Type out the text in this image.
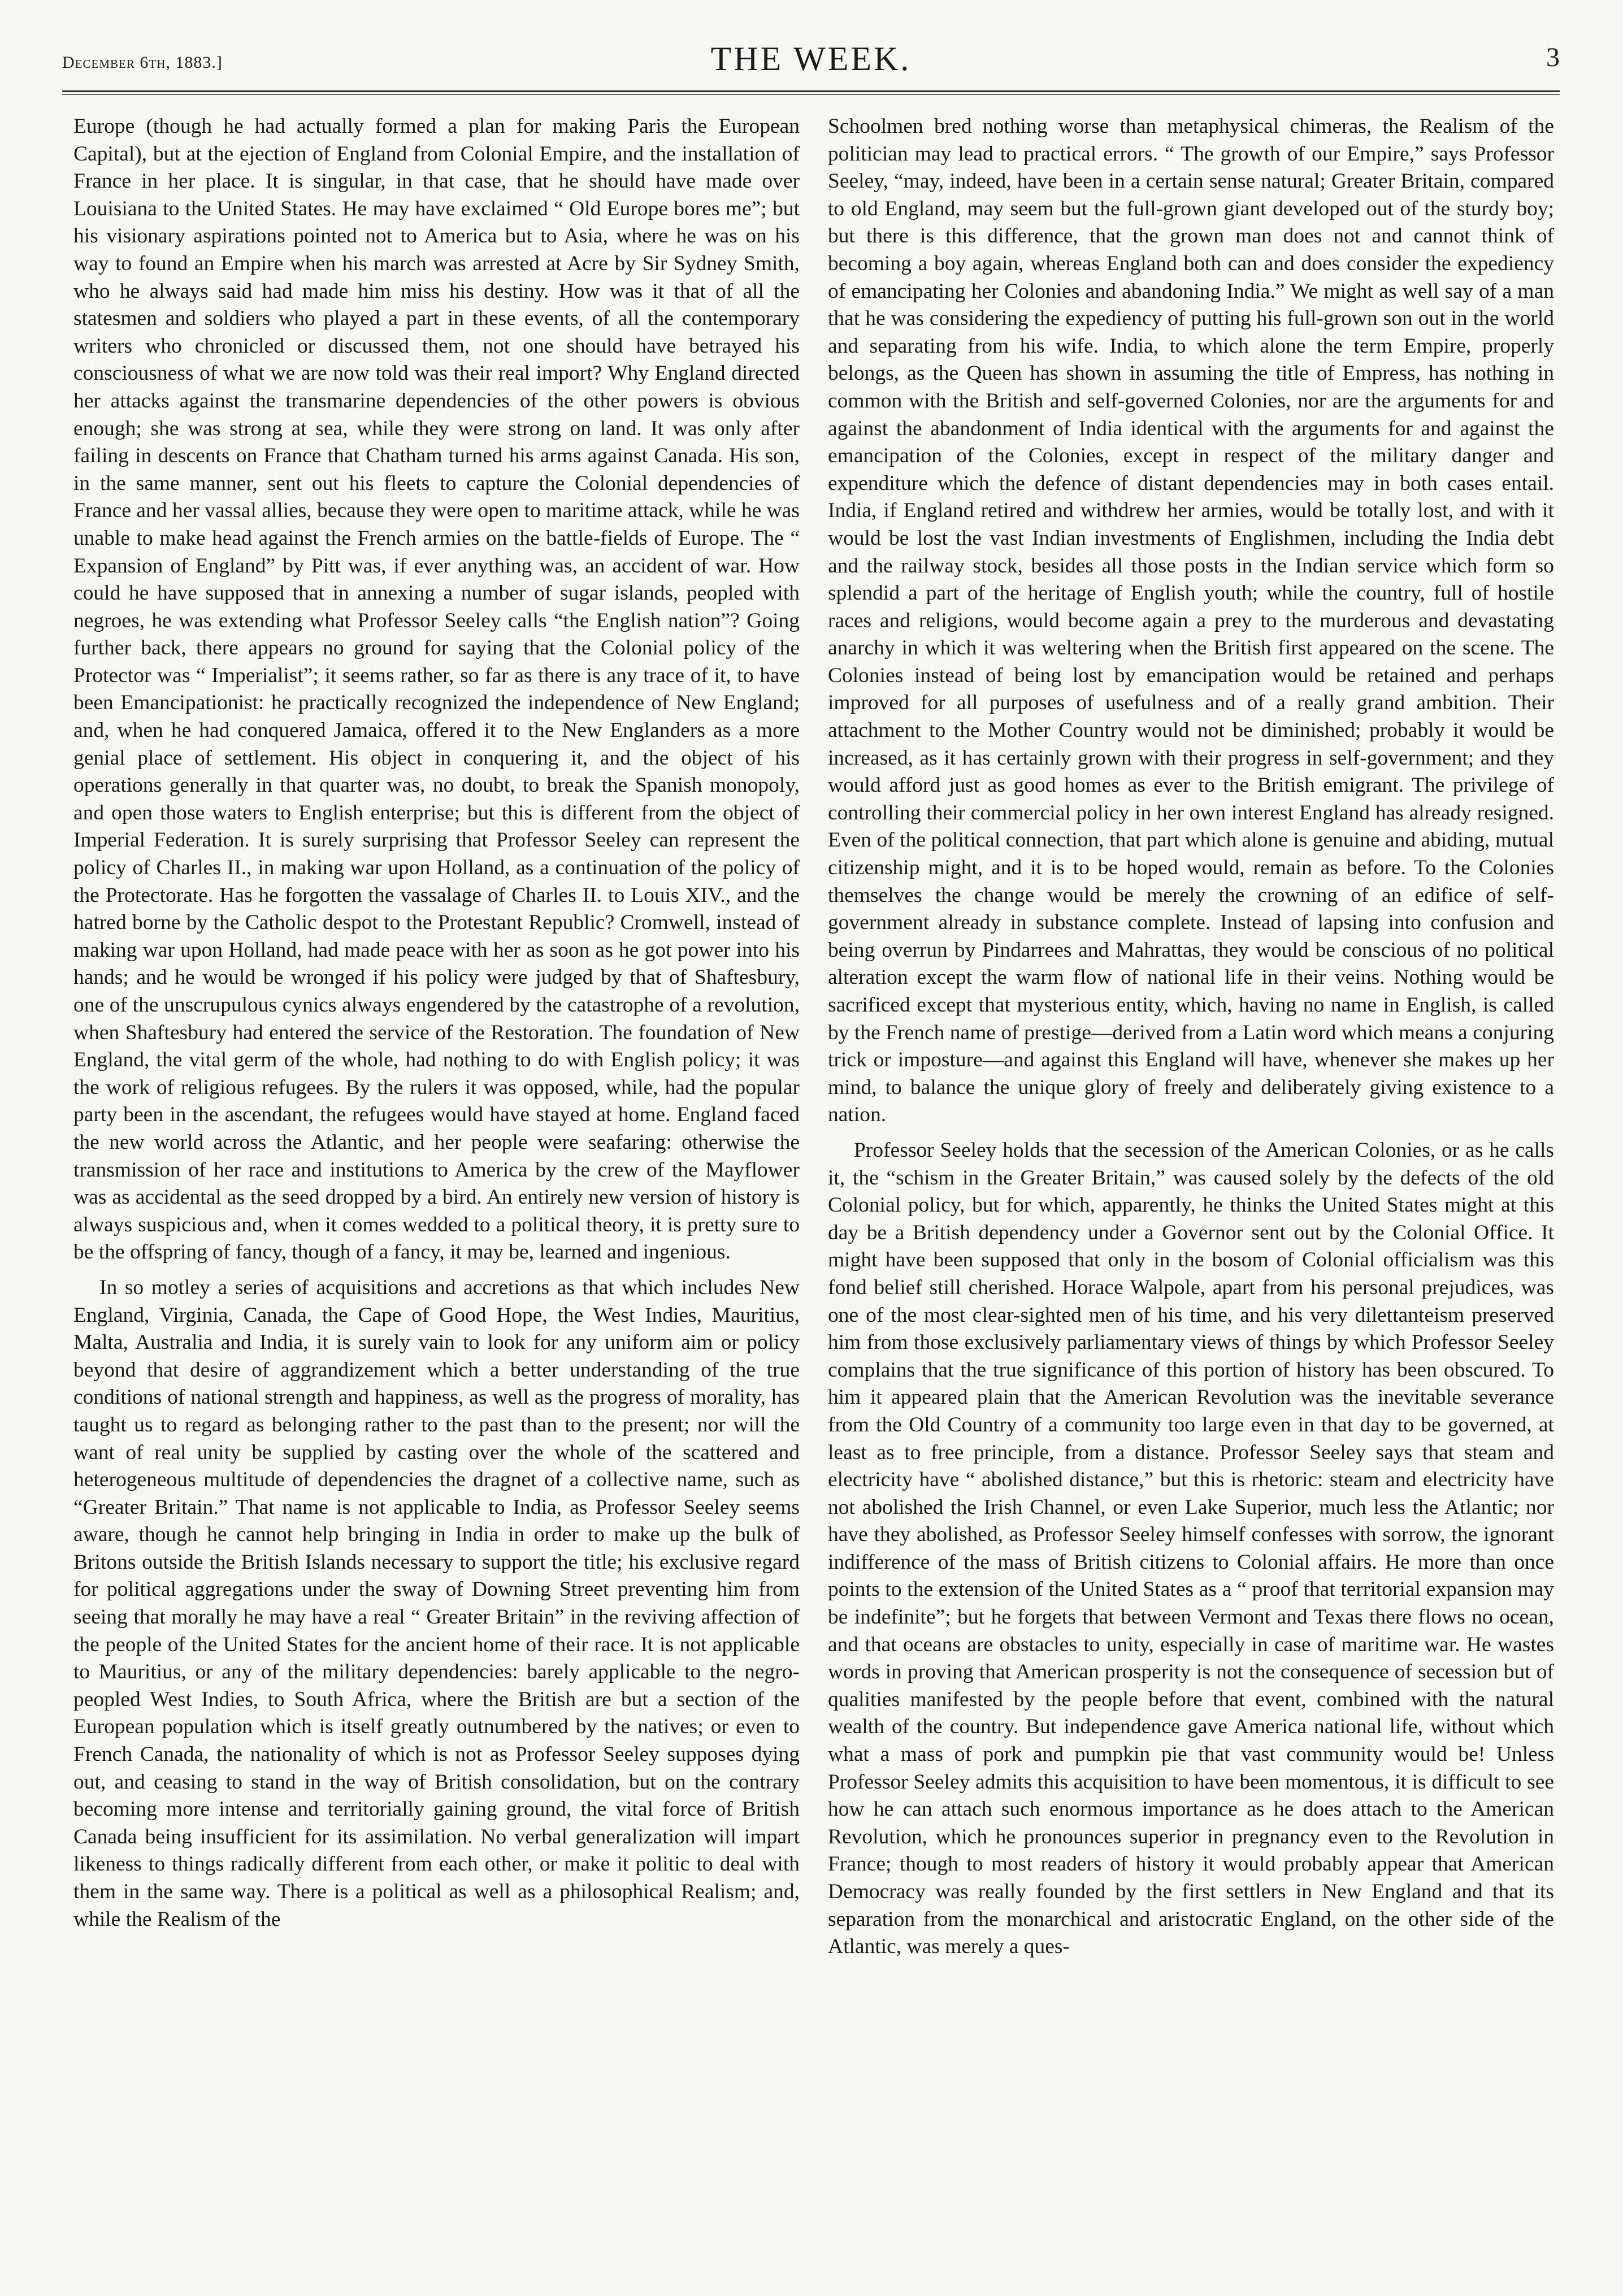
December 6th, 1883.]	THE WEEK.	3

Europe (though he had actually formed a plan for making Paris the European Capital), but at the ejection of England from Colonial Empire, and the installation of France in her place. It is singular, in that case, that he should have made over Louisiana to the United States. He may have exclaimed “ Old Europe bores me”; but his visionary aspirations pointed not to America but to Asia, where he was on his way to found an Empire when his march was arrested at Acre by Sir Sydney Smith, who he always said had made him miss his destiny. How was it that of all the statesmen and soldiers who played a part in these events, of all the contemporary writers who chronicled or discussed them, not one should have betrayed his consciousness of what we are now told was their real import? Why England directed her attacks against the transmarine dependencies of the other powers is obvious enough; she was strong at sea, while they were strong on land. It was only after failing in descents on France that Chatham turned his arms against Canada. His son, in the same manner, sent out his fleets to capture the Colonial dependencies of France and her vassal allies, because they were open to maritime attack, while he was unable to make head against the French armies on the battle-fields of Europe. The “ Expansion of England” by Pitt was, if ever anything was, an accident of war. How could he have supposed that in annexing a number of sugar islands, peopled with negroes, he was extending what Professor Seeley calls “the English nation”? Going further back, there appears no ground for saying that the Colonial policy of the Protector was “ Imperialist”; it seems rather, so far as there is any trace of it, to have been Emancipationist: he practically recognized the independence of New England; and, when he had conquered Jamaica, offered it to the New Englanders as a more genial place of settlement. His object in conquering it, and the object of his operations generally in that quarter was, no doubt, to break the Spanish monopoly, and open those waters to English enterprise; but this is different from the object of Imperial Federation. It is surely surprising that Professor Seeley can represent the policy of Charles II., in making war upon Holland, as a continuation of the policy of the Protectorate. Has he forgotten the vassalage of Charles II. to Louis XIV., and the hatred borne by the Catholic despot to the Protestant Republic? Cromwell, instead of making war upon Holland, had made peace with her as soon as he got power into his hands; and he would be wronged if his policy were judged by that of Shaftesbury, one of the unscrupulous cynics always engendered by the catastrophe of a revolution, when Shaftesbury had entered the service of the Restoration. The foundation of New England, the vital germ of the whole, had nothing to do with English policy; it was the work of religious refugees. By the rulers it was opposed, while, had the popular party been in the ascendant, the refugees would have stayed at home. England faced the new world across the Atlantic, and her people were seafaring: otherwise the transmission of her race and institutions to America by the crew of the Mayflower was as accidental as the seed dropped by a bird. An entirely new version of history is always suspicious and, when it comes wedded to a political theory, it is pretty sure to be the offspring of fancy, though of a fancy, it may be, learned and ingenious.

In so motley a series of acquisitions and accretions as that which includes New England, Virginia, Canada, the Cape of Good Hope, the West Indies, Mauritius, Malta, Australia and India, it is surely vain to look for any uniform aim or policy beyond that desire of aggrandizement which a better understanding of the true conditions of national strength and happiness, as well as the progress of morality, has taught us to regard as belonging rather to the past than to the present; nor will the want of real unity be supplied by casting over the whole of the scattered and heterogeneous multitude of dependencies the dragnet of a collective name, such as “Greater Britain.” That name is not applicable to India, as Professor Seeley seems aware, though he cannot help bringing in India in order to make up the bulk of Britons outside the British Islands necessary to support the title; his exclusive regard for political aggregations under the sway of Downing Street preventing him from seeing that morally he may have a real “ Greater Britain” in the reviving affection of the people of the United States for the ancient home of their race. It is not applicable to Mauritius, or any of the military dependencies: barely applicable to the negro-peopled West Indies, to South Africa, where the British are but a section of the European population which is itself greatly outnumbered by the natives; or even to French Canada, the nationality of which is not as Professor Seeley supposes dying out, and ceasing to stand in the way of British consolidation, but on the contrary becoming more intense and territorially gaining ground, the vital force of British Canada being insufficient for its assimilation. No verbal generalization will impart likeness to things radically different from each other, or make it politic to deal with them in the same way. There is a political as well as a philosophical Realism; and, while the Realism of the

Schoolmen bred nothing worse than metaphysical chimeras, the Realism of the politician may lead to practical errors. “ The growth of our Empire,” says Professor Seeley, “may, indeed, have been in a certain sense natural; Greater Britain, compared to old England, may seem but the full-grown giant developed out of the sturdy boy; but there is this difference, that the grown man does not and cannot think of becoming a boy again, whereas England both can and does consider the expediency of emancipating her Colonies and abandoning India.” We might as well say of a man that he was considering the expediency of putting his full-grown son out in the world and separating from his wife. India, to which alone the term Empire, properly belongs, as the Queen has shown in assuming the title of Empress, has nothing in common with the British and self-governed Colonies, nor are the arguments for and against the abandonment of India identical with the arguments for and against the emancipation of the Colonies, except in respect of the military danger and expenditure which the defence of distant dependencies may in both cases entail. India, if England retired and withdrew her armies, would be totally lost, and with it would be lost the vast Indian investments of Englishmen, including the India debt and the railway stock, besides all those posts in the Indian service which form so splendid a part of the heritage of English youth; while the country, full of hostile races and religions, would become again a prey to the murderous and devastating anarchy in which it was weltering when the British first appeared on the scene. The Colonies instead of being lost by emancipation would be retained and perhaps improved for all purposes of usefulness and of a really grand ambition. Their attachment to the Mother Country would not be diminished; probably it would be increased, as it has certainly grown with their progress in self-government; and they would afford just as good homes as ever to the British emigrant. The privilege of controlling their commercial policy in her own interest England has already resigned. Even of the political connection, that part which alone is genuine and abiding, mutual citizenship might, and it is to be hoped would, remain as before. To the Colonies themselves the change would be merely the crowning of an edifice of self-government already in substance complete. Instead of lapsing into confusion and being overrun by Pindarrees and Mahrattas, they would be conscious of no political alteration except the warm flow of national life in their veins. Nothing would be sacrificed except that mysterious entity, which, having no name in English, is called by the French name of prestige—derived from a Latin word which means a conjuring trick or imposture—and against this England will have, whenever she makes up her mind, to balance the unique glory of freely and deliberately giving existence to a nation.

Professor Seeley holds that the secession of the American Colonies, or as he calls it, the “schism in the Greater Britain,” was caused solely by the defects of the old Colonial policy, but for which, apparently, he thinks the United States might at this day be a British dependency under a Governor sent out by the Colonial Office. It might have been supposed that only in the bosom of Colonial officialism was this fond belief still cherished. Horace Walpole, apart from his personal prejudices, was one of the most clear-sighted men of his time, and his very dilettanteism preserved him from those exclusively parliamentary views of things by which Professor Seeley complains that the true significance of this portion of history has been obscured. To him it appeared plain that the American Revolution was the inevitable severance from the Old Country of a community too large even in that day to be governed, at least as to free principle, from a distance. Professor Seeley says that steam and electricity have “ abolished distance,” but this is rhetoric: steam and electricity have not abolished the Irish Channel, or even Lake Superior, much less the Atlantic; nor have they abolished, as Professor Seeley himself confesses with sorrow, the ignorant indifference of the mass of British citizens to Colonial affairs. He more than once points to the extension of the United States as a “ proof that territorial expansion may be indefinite”; but he forgets that between Vermont and Texas there flows no ocean, and that oceans are obstacles to unity, especially in case of maritime war. He wastes words in proving that American prosperity is not the consequence of secession but of qualities manifested by the people before that event, combined with the natural wealth of the country. But independence gave America national life, without which what a mass of pork and pumpkin pie that vast community would be! Unless Professor Seeley admits this acquisition to have been momentous, it is difficult to see how he can attach such enormous importance as he does attach to the American Revolution, which he pronounces superior in pregnancy even to the Revolution in France; though to most readers of history it would probably appear that American Democracy was really founded by the first settlers in New England and that its separation from the monarchical and aristocratic England, on the other side of the Atlantic, was merely a ques-
